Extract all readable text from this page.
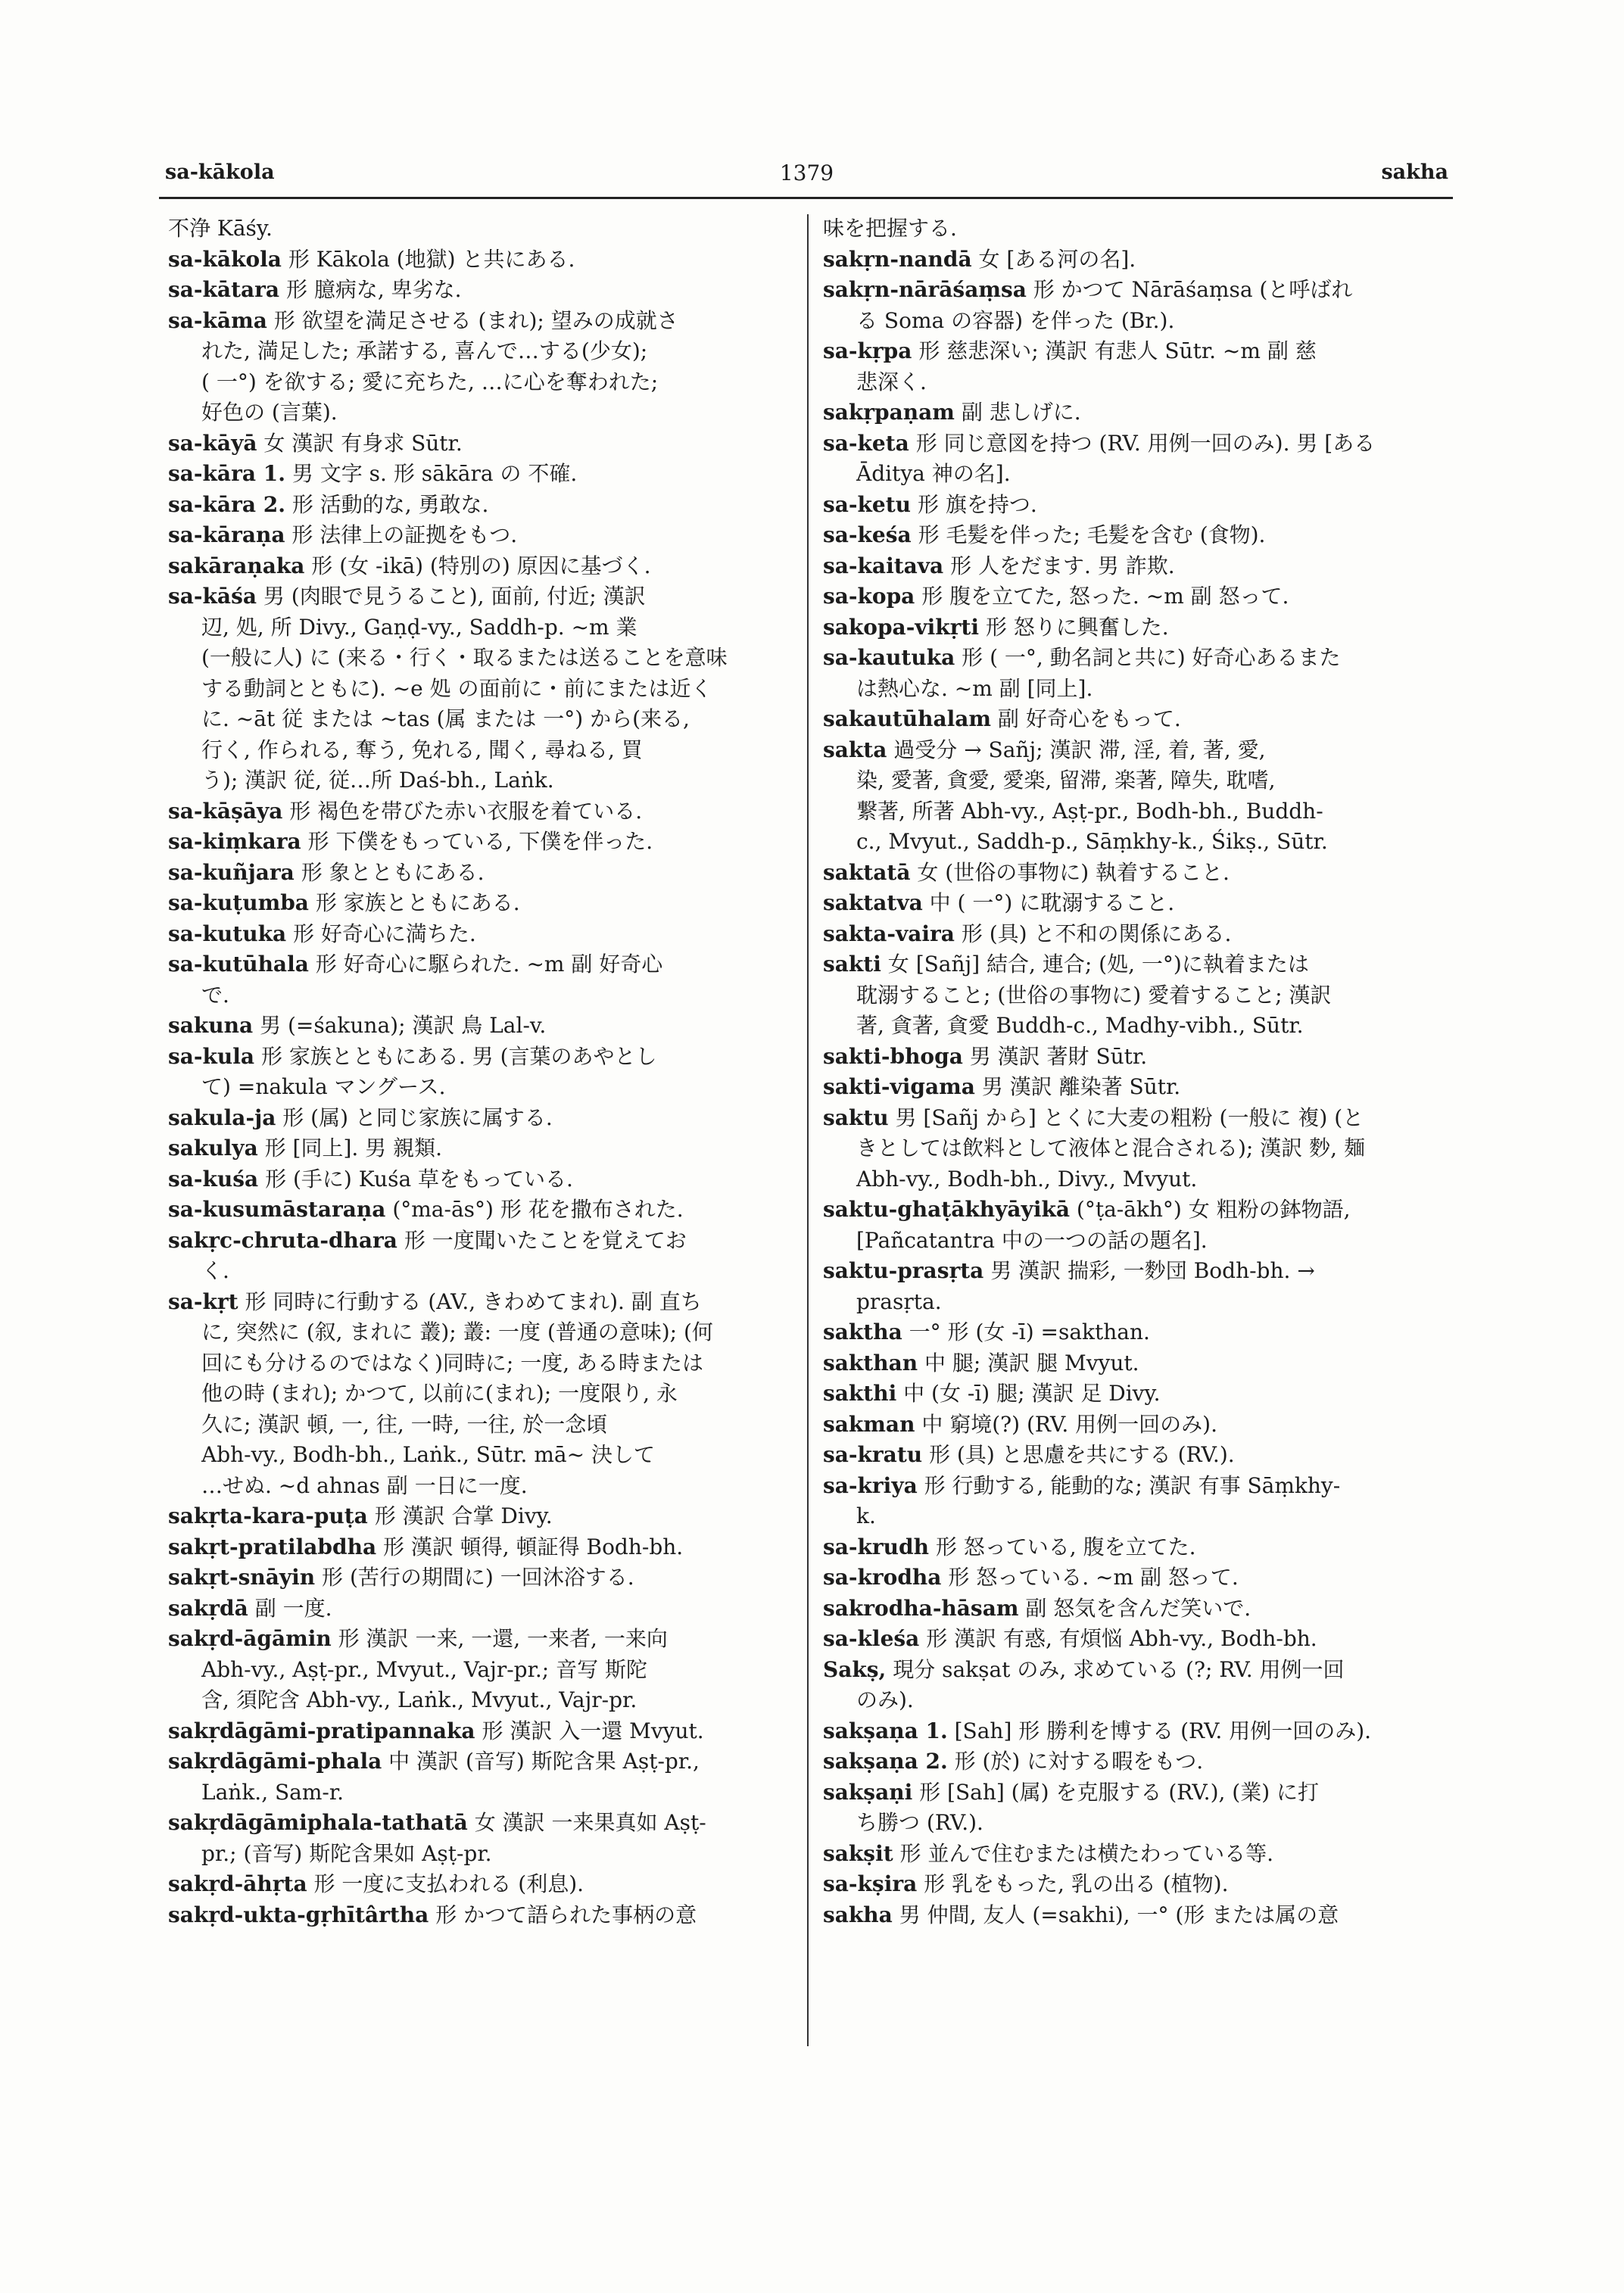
sa-kākola	1379	sakha
不浄 Kāśy.
sa-kākola 形 Kākola (地獄) と共にある.
sa-kātara 形 臆病な, 卑劣な.
sa-kāma 形 欲望を満足させる (まれ); 望みの成就さ
れた, 満足した; 承諾する, 喜んで…する(少女);
( 一°) を欲する; 愛に充ちた, …に心を奪われた;
好色の (言葉).
sa-kāyā 女 漢訳 有身求 Sūtr.
sa-kāra 1. 男 文字 s. 形 sākāra の 不確.
sa-kāra 2. 形 活動的な, 勇敢な.
sa-kāraṇa 形 法律上の証拠をもつ.
sakāraṇaka 形 (女 -ikā) (特別の) 原因に基づく.
sa-kāśa 男 (肉眼で見うること), 面前, 付近; 漢訳
辺, 処, 所 Divy., Gaṇḍ-vy., Saddh-p. ~m 業
(一般に人) に (来る・行く・取るまたは送ることを意味
する動詞とともに). ~e 処 の面前に・前にまたは近く
に. ~āt 従 または ~tas (属 または 一°) から(来る,
行く, 作られる, 奪う, 免れる, 聞く, 尋ねる, 買
う); 漢訳 従, 従…所 Daś-bh., Laṅk.
sa-kāṣāya 形 褐色を帯びた赤い衣服を着ている.
sa-kiṃkara 形 下僕をもっている, 下僕を伴った.
sa-kuñjara 形 象とともにある.
sa-kuṭumba 形 家族とともにある.
sa-kutuka 形 好奇心に満ちた.
sa-kutūhala 形 好奇心に駆られた. ~m 副 好奇心
で.
sakuna 男 (=śakuna); 漢訳 鳥 Lal-v.
sa-kula 形 家族とともにある. 男 (言葉のあやとし
て) =nakula マングース.
sakula-ja 形 (属) と同じ家族に属する.
sakulya 形 [同上]. 男 親類.
sa-kuśa 形 (手に) Kuśa 草をもっている.
sa-kusumāstaraṇa (°ma-ās°) 形 花を撒布された.
sakṛc-chruta-dhara 形 一度聞いたことを覚えてお
く.
sa-kṛt 形 同時に行動する (AV., きわめてまれ). 副 直ち
に, 突然に (叙, まれに 叢); 叢: 一度 (普通の意味); (何
回にも分けるのではなく)同時に; 一度, ある時または
他の時 (まれ); かつて, 以前に(まれ); 一度限り, 永
久に; 漢訳 頓, 一, 往, 一時, 一往, 於一念頃
Abh-vy., Bodh-bh., Laṅk., Sūtr. mā~ 決して
…せぬ. ~d ahnas 副 一日に一度.
sakṛta-kara-puṭa 形 漢訳 合掌 Divy.
sakṛt-pratilabdha 形 漢訳 頓得, 頓証得 Bodh-bh.
sakṛt-snāyin 形 (苦行の期間に) 一回沐浴する.
sakṛdā 副 一度.
sakṛd-āgāmin 形 漢訳 一来, 一還, 一来者, 一来向
Abh-vy., Aṣṭ-pr., Mvyut., Vajr-pr.; 音写 斯陀
含, 須陀含 Abh-vy., Laṅk., Mvyut., Vajr-pr.
sakṛdāgāmi-pratipannaka 形 漢訳 入一還 Mvyut.
sakṛdāgāmi-phala 中 漢訳 (音写) 斯陀含果 Aṣṭ-pr.,
Laṅk., Sam-r.
sakṛdāgāmiphala-tathatā 女 漢訳 一来果真如 Aṣṭ-
pr.; (音写) 斯陀含果如 Aṣṭ-pr.
sakṛd-āhṛta 形 一度に支払われる (利息).
sakṛd-ukta-gṛhītârtha 形 かつて語られた事柄の意
味を把握する.
sakṛn-nandā 女 [ある河の名].
sakṛn-nārāśaṃsa 形 かつて Nārāśaṃsa (と呼ばれ
る Soma の容器) を伴った (Br.).
sa-kṛpa 形 慈悲深い; 漢訳 有悲人 Sūtr. ~m 副 慈
悲深く.
sakṛpaṇam 副 悲しげに.
sa-keta 形 同じ意図を持つ (RV. 用例一回のみ). 男 [ある
Āditya 神の名].
sa-ketu 形 旗を持つ.
sa-keśa 形 毛髪を伴った; 毛髪を含む (食物).
sa-kaitava 形 人をだます. 男 詐欺.
sa-kopa 形 腹を立てた, 怒った. ~m 副 怒って.
sakopa-vikṛti 形 怒りに興奮した.
sa-kautuka 形 ( 一°, 動名詞と共に) 好奇心あるまた
は熱心な. ~m 副 [同上].
sakautūhalam 副 好奇心をもって.
sakta 過受分 → Sañj; 漢訳 滞, 淫, 着, 著, 愛,
染, 愛著, 貪愛, 愛楽, 留滞, 楽著, 障失, 耽嗜,
繋著, 所著 Abh-vy., Aṣṭ-pr., Bodh-bh., Buddh-
c., Mvyut., Saddh-p., Sāṃkhy-k., Śikṣ., Sūtr.
saktatā 女 (世俗の事物に) 執着すること.
saktatva 中 ( 一°) に耽溺すること.
sakta-vaira 形 (具) と不和の関係にある.
sakti 女 [Sañj] 結合, 連合; (処, 一°)に執着または
耽溺すること; (世俗の事物に) 愛着すること; 漢訳
著, 貪著, 貪愛 Buddh-c., Madhy-vibh., Sūtr.
sakti-bhoga 男 漢訳 著財 Sūtr.
sakti-vigama 男 漢訳 離染著 Sūtr.
saktu 男 [Sañj から] とくに大麦の粗粉 (一般に 複) (と
きとしては飲料として液体と混合される); 漢訳 麨, 麺
Abh-vy., Bodh-bh., Divy., Mvyut.
saktu-ghaṭākhyāyikā (°ṭa-ākh°) 女 粗粉の鉢物語,
[Pañcatantra 中の一つの話の題名].
saktu-prasṛta 男 漢訳 揣彩, 一麨団 Bodh-bh. →
prasṛta.
saktha 一° 形 (女 -ī) =sakthan.
sakthan 中 腿; 漢訳 腿 Mvyut.
sakthi 中 (女 -ī) 腿; 漢訳 足 Divy.
sakman 中 窮境(?) (RV. 用例一回のみ).
sa-kratu 形 (具) と思慮を共にする (RV.).
sa-kriya 形 行動する, 能動的な; 漢訳 有事 Sāṃkhy-
k.
sa-krudh 形 怒っている, 腹を立てた.
sa-krodha 形 怒っている. ~m 副 怒って.
sakrodha-hāsam 副 怒気を含んだ笑いで.
sa-kleśa 形 漢訳 有惑, 有煩悩 Abh-vy., Bodh-bh.
Sakṣ, 現分 sakṣat のみ, 求めている (?; RV. 用例一回
のみ).
sakṣaṇa 1. [Sah] 形 勝利を博する (RV. 用例一回のみ).
sakṣaṇa 2. 形 (於) に対する暇をもつ.
sakṣaṇi 形 [Sah] (属) を克服する (RV.), (業) に打
ち勝つ (RV.).
sakṣit 形 並んで住むまたは横たわっている等.
sa-kṣira 形 乳をもった, 乳の出る (植物).
sakha 男 仲間, 友人 (=sakhi), 一° (形 または属の意
